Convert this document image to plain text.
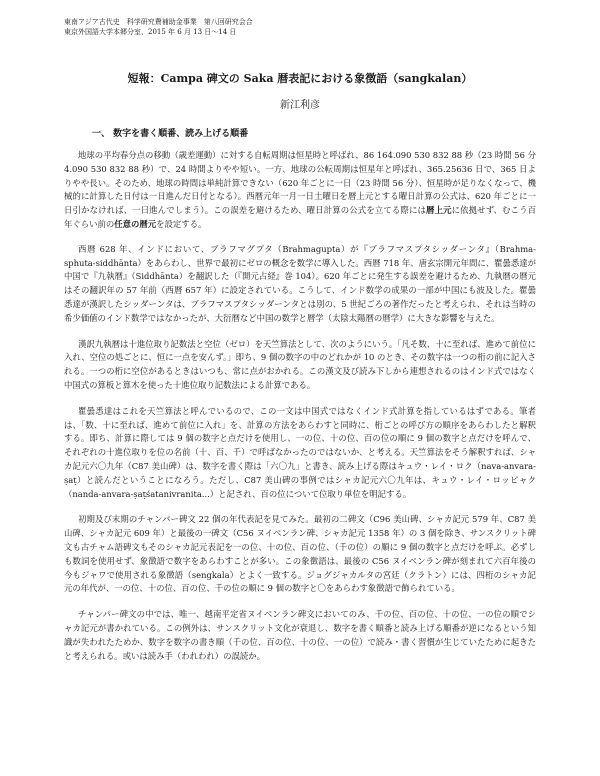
東南アジア古代史　科学研究費補助金事業　第八回研究会合
東京外国語大学本郷分室、2015 年 6 月 13 日～14 日
短報：Campa 碑文の Saka 暦表記における象徴語（sangkalan）
新江利彦
一、 数字を書く順番、読み上げる順番

地球の平均春分点の移動（歳差運動）に対する自転周期は恒星時と呼ばれ、86 164.090 530 832 88 秒（23 時間 56 分 4.090 530 832 88 秒）で、24 時間よりやや短い。一方、地球の公転周期は恒星年と呼ばれ、365.25636 日で、365 日よりやや長い。そのため、地球の時間は単純計算できない（620 年ごとに一日（23 時間 56 分）、恒星時が足りなくなって、機械的に計算した日付は一日進んだ日付となる）。西暦元年一月一日土曜日を暦上元とする曜日計算の公式は、620 年ごとに一日引かなければ、一日進んでしまう）。この誤差を避けるため、曜日計算の公式を立てる際には暦上元に依拠せず、むこう百年ぐらい前の任意の暦元を設定する。

西暦 628 年、インドにおいて、ブラフマグプタ（Brahmagupta）が『ブラフマスプタシッダーンタ』（Brahma-sphuta-siddhānta）をあらわし、世界で最初にゼロの概念を数学に導入した。西暦 718 年、唐玄宗開元年間に、瞿曇悉達が中国で『九執暦』（Siddhānta）を翻訳した（『開元占経』巻 104）。620 年ごとに発生する誤差を避けるため、九執暦の暦元はその翻訳年の 57 年前（西暦 657 年）に設定されている。こうして、インド数学の成果の一部が中国にも波及した。瞿曇悉達が漢訳したシッダーンタは、ブラフマスプタシッダーンタとは別の、5 世紀ごろの著作だったと考えられ、それは当時の希少価値のインド数学ではなかったが、大衍暦など中国の数学と暦学（太陰太陽暦の暦学）に大きな影響を与えた。

漢訳九執暦は十進位取り記数法と空位（ゼロ）を天竺算法として、次のようにいう。「凡そ数、十に至れば、進めて前位に入れ、空位の処ごとに、恒に一点を安んず。」即ち、9 個の数字の中のどれかが 10 のとき、その数字は一つの桁の前に記入される。一つの桁に空位があるときはいつも、常に点がおかれる。この漢文及び読み下しから連想されるのはインド式ではなく中国式の算板と算木を使った十進位取り記数法による計算である。

瞿曇悉達はこれを天竺算法と呼んでいるので、この一文は中国式ではなくインド式計算を指しているはずである。筆者は、「数、十に至れば、進めて前位に入れ」を、計算の方法をあらわすと同時に、桁ごとの呼び方の順序をあらわしたと解釈する。即ち、計算に際しては 9 個の数字と点だけを使用し、一の位、十の位、百の位の順に 9 個の数字と点だけを呼んで、それぞれの十進位取りを位の名前（十、百、千）で呼ばなかったのではないか、と考える。天竺算法をそう解釈すれば、シャカ記元六〇九年（C87 美山碑）は、数字を書く際は「六〇九」と書き、読み上げる際はキュウ・レイ・ロク（nava-anvara-ṣaṭ）と読んだということになろう。ただし、C87 美山碑の事例ではシャカ記元六〇九年は、キュウ・レイ・ロッピャク（nanda-anvara-ṣaṭśatanivranita...）と記され、百の位について位取り単位を明記する。

初期及び末期のチャンパー碑文 22 個の年代表記を見てみた。最初の二碑文（C96 美山碑、シャカ記元 579 年、C87 美山碑、シャカ記元 609 年）と最後の一碑文（C56 ヌイベンラン碑、シャカ記元 1358 年）の 3 個を除き、サンスクリット碑文も古チャム語碑文もそのシャカ記元表記を一の位、十の位、百の位、（千の位）の順に 9 個の数字と点だけを呼ぶ。必ずしも数詞を使用せず、象徴語で数字をあらわすことが多い。この象徴語は、最後の C56 ヌイベンラン碑が刻まれて六百年後の今もジャワで使用される象徴語（sengkala）とよく一致する。ジョグジャカルタの宮廷（クラトン）には、四桁のシャカ記元の年代が、一の位、十の位、百の位、千の位の順に 9 個の数字と〇をあらわす象徴語で飾られている。

チャンパー碑文の中では、唯一、越南平定省ヌイベンラン碑文においてのみ、千の位、百の位、十の位、一の位の順でシャカ記元が書かれている。この例外は、サンスクリット文化が衰退し、数字を書く順番と読み上げる順番が逆になるという知識が失われたためか、数字を数字の書き順（千の位、百の位、十の位、一の位）で読み・書く習慣が生じていたために起きたと考えられる。或いは読み手（われわれ）の誤読か。
